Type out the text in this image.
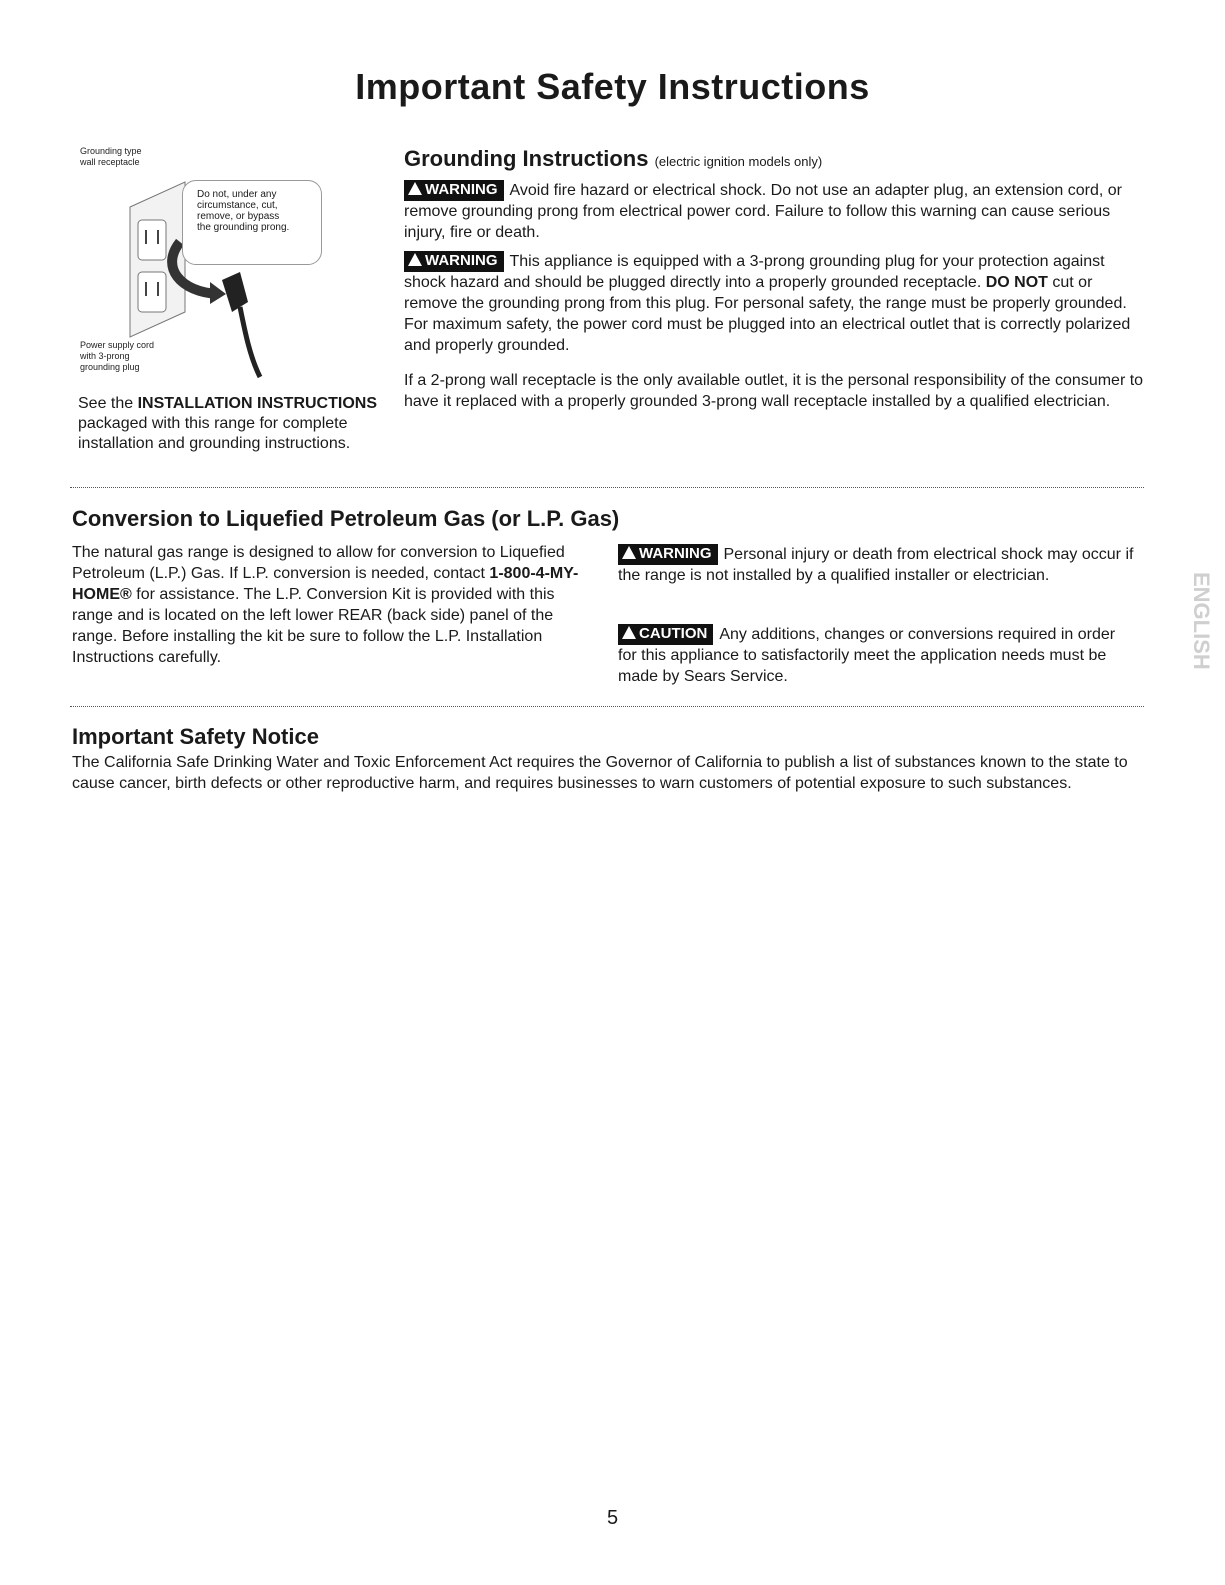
Important Safety Instructions
Grounding type
wall receptacle
Do not, under any
circumstance, cut,
remove, or bypass
the grounding prong.
Power supply cord
with 3-prong
grounding plug
See the INSTALLATION INSTRUCTIONS packaged with this range for complete installation and grounding instructions.
Grounding Instructions (electric ignition models only)
WARNING Avoid fire hazard or electrical shock. Do not use an adapter plug, an extension cord, or remove grounding prong from electrical power cord. Failure to follow this warning can cause serious injury, fire or death.
WARNING This appliance is equipped with a 3-prong grounding plug for your protection against shock hazard and should be plugged directly into a properly grounded receptacle. DO NOT cut or remove the grounding prong from this plug. For personal safety, the range must be properly grounded. For maximum safety, the power cord must be plugged into an electrical outlet that is correctly polarized and properly grounded.
If a 2-prong wall receptacle is the only available outlet, it is the personal responsibility of the consumer to have it replaced with a properly grounded 3-prong wall receptacle installed by a qualified electrician.
Conversion to Liquefied Petroleum Gas (or L.P. Gas)
The natural gas range is designed to allow for conversion to Liquefied Petroleum (L.P.) Gas. If L.P. conversion is needed, contact 1-800-4-MY-HOME® for assistance. The L.P. Conversion Kit is provided with this range and is located on the left lower REAR (back side) panel of the range. Before installing the kit be sure to follow the L.P. Installation Instructions carefully.
WARNING Personal injury or death from electrical shock may occur if the range is not installed by a qualified installer or electrician.
CAUTION Any additions, changes or conversions required in order for this appliance to satisfactorily meet the application needs must be made by Sears Service.
ENGLISH
Important Safety Notice
The California Safe Drinking Water and Toxic Enforcement Act requires the Governor of California to publish a list of substances known to the state to cause cancer, birth defects or other reproductive harm, and requires businesses to warn customers of potential exposure to such substances.
5
